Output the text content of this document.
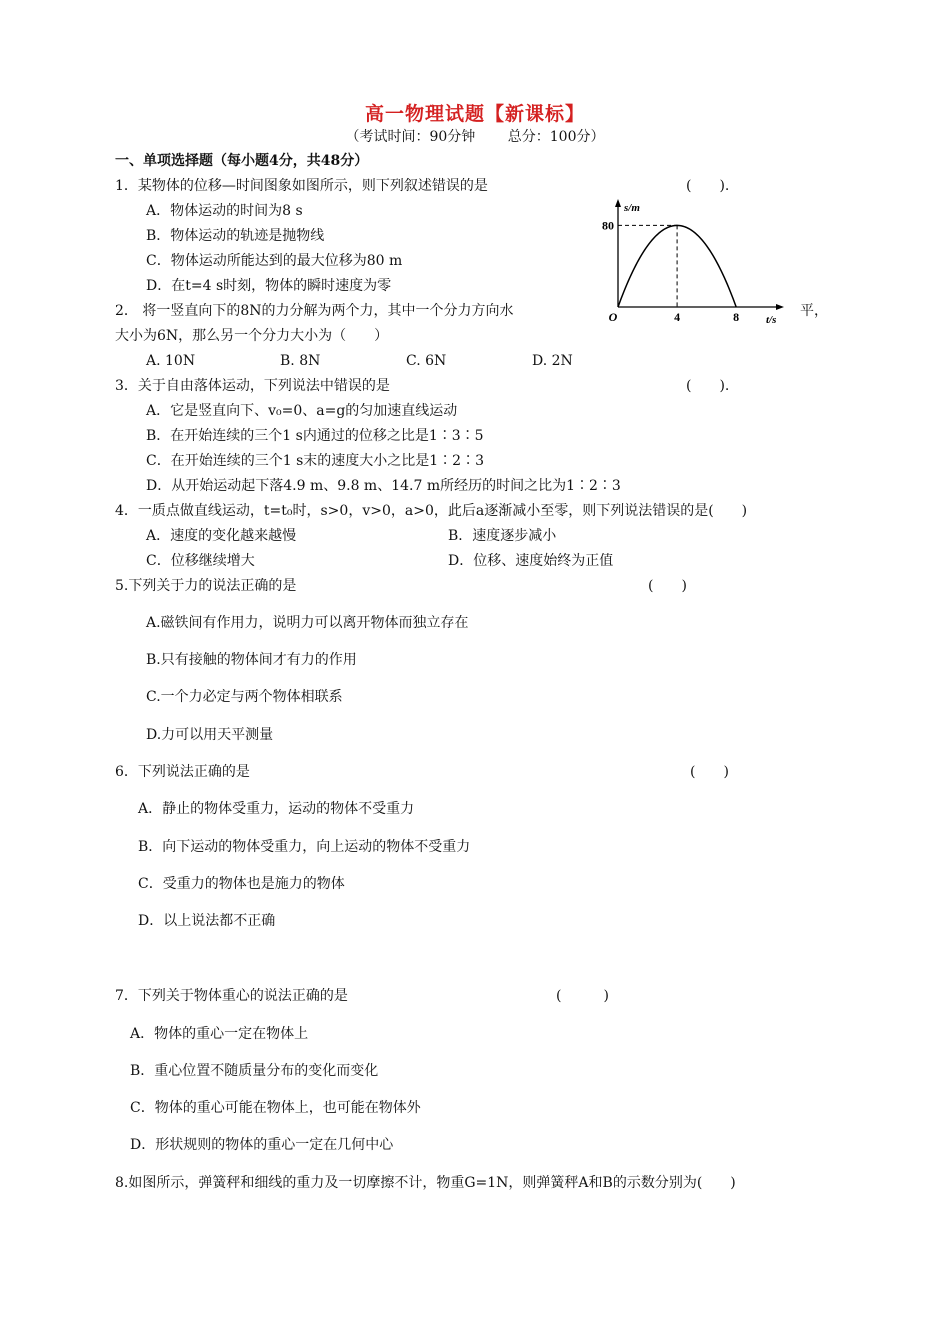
高一物理试题【新课标】
（考试时间：90分钟 总分：100分）
一、单项选择题（每小题4分，共48分）
1．某物体的位移—时间图象如图所示，则下列叙述错误的是	(　　).
A．物体运动的时间为8 s
B．物体运动的轨迹是抛物线
C．物体运动所能达到的最大位移为80 m
D．在t=4 s时刻，物体的瞬时速度为零
80
4	8
O
s/m
t/s
2． 将一竖直向下的8N的力分解为两个力，其中一个分力方向水	平，
大小为6N，那么另一个分力大小为（　　）
A. 10N	B. 8N	C. 6N	D. 2N
3．关于自由落体运动，下列说法中错误的是	(　　).
A．它是竖直向下、v₀=0、a=g的匀加速直线运动
B．在开始连续的三个1 s内通过的位移之比是1∶3∶5
C．在开始连续的三个1 s末的速度大小之比是1∶2∶3
D．从开始运动起下落4.9 m、9.8 m、14.7 m所经历的时间之比为1∶2∶3
4．一质点做直线运动，t=t₀时，s>0，v>0，a>0，此后a逐渐减小至零，则下列说法错误的是(　　)
A．速度的变化越来越慢	B．速度逐步减小
C．位移继续增大	D．位移、速度始终为正值
5.下列关于力的说法正确的是	(　　)
A.磁铁间有作用力，说明力可以离开物体而独立存在
B.只有接触的物体间才有力的作用
C.一个力必定与两个物体相联系
D.力可以用天平测量
6．下列说法正确的是	(　　)
A．静止的物体受重力，运动的物体不受重力
B．向下运动的物体受重力，向上运动的物体不受重力
C．受重力的物体也是施力的物体
D．以上说法都不正确
7．下列关于物体重心的说法正确的是	(　　　)
A．物体的重心一定在物体上
B．重心位置不随质量分布的变化而变化
C．物体的重心可能在物体上，也可能在物体外
D．形状规则的物体的重心一定在几何中心
8.如图所示，弹簧秤和细线的重力及一切摩擦不计，物重G=1N，则弹簧秤A和B的示数分别为(　　)
